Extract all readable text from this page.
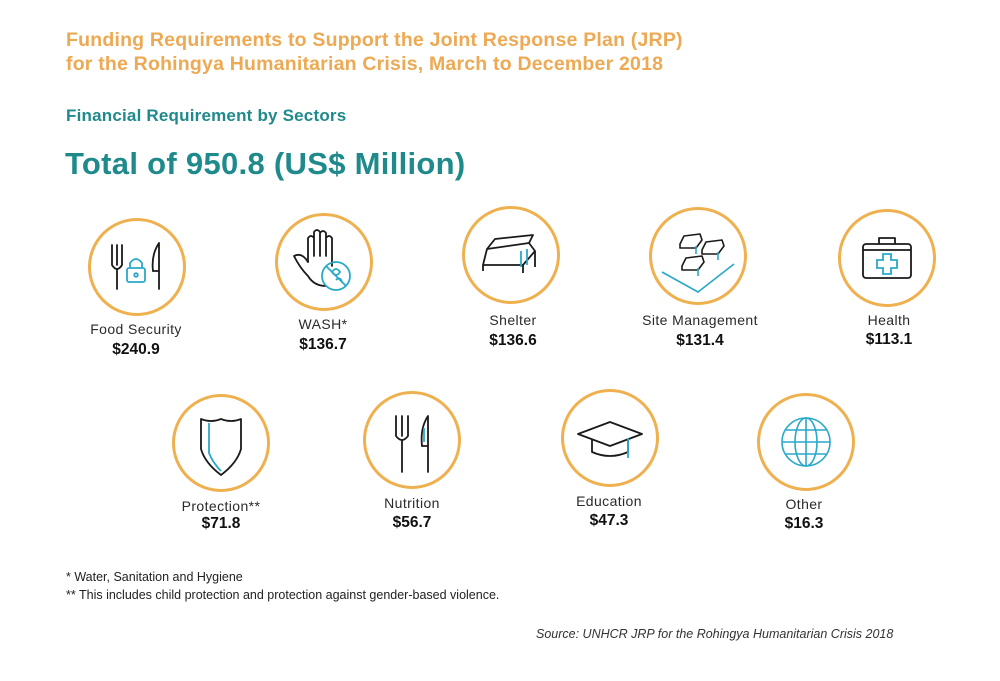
Funding Requirements to Support the Joint Response Plan (JRP)
for the Rohingya Humanitarian Crisis, March to December 2018
Financial Requirement by Sectors
Total of 950.8 (US$ Million)
Food Security
$240.9
WASH*
$136.7
Shelter
$136.6
Site Management
$131.4
Health
$113.1
Protection**
$71.8
Nutrition
$56.7
Education
$47.3
Other
$16.3
* Water, Sanitation and Hygiene
** This includes child protection and protection against gender-based violence.
Source: UNHCR JRP for the Rohingya Humanitarian Crisis 2018
